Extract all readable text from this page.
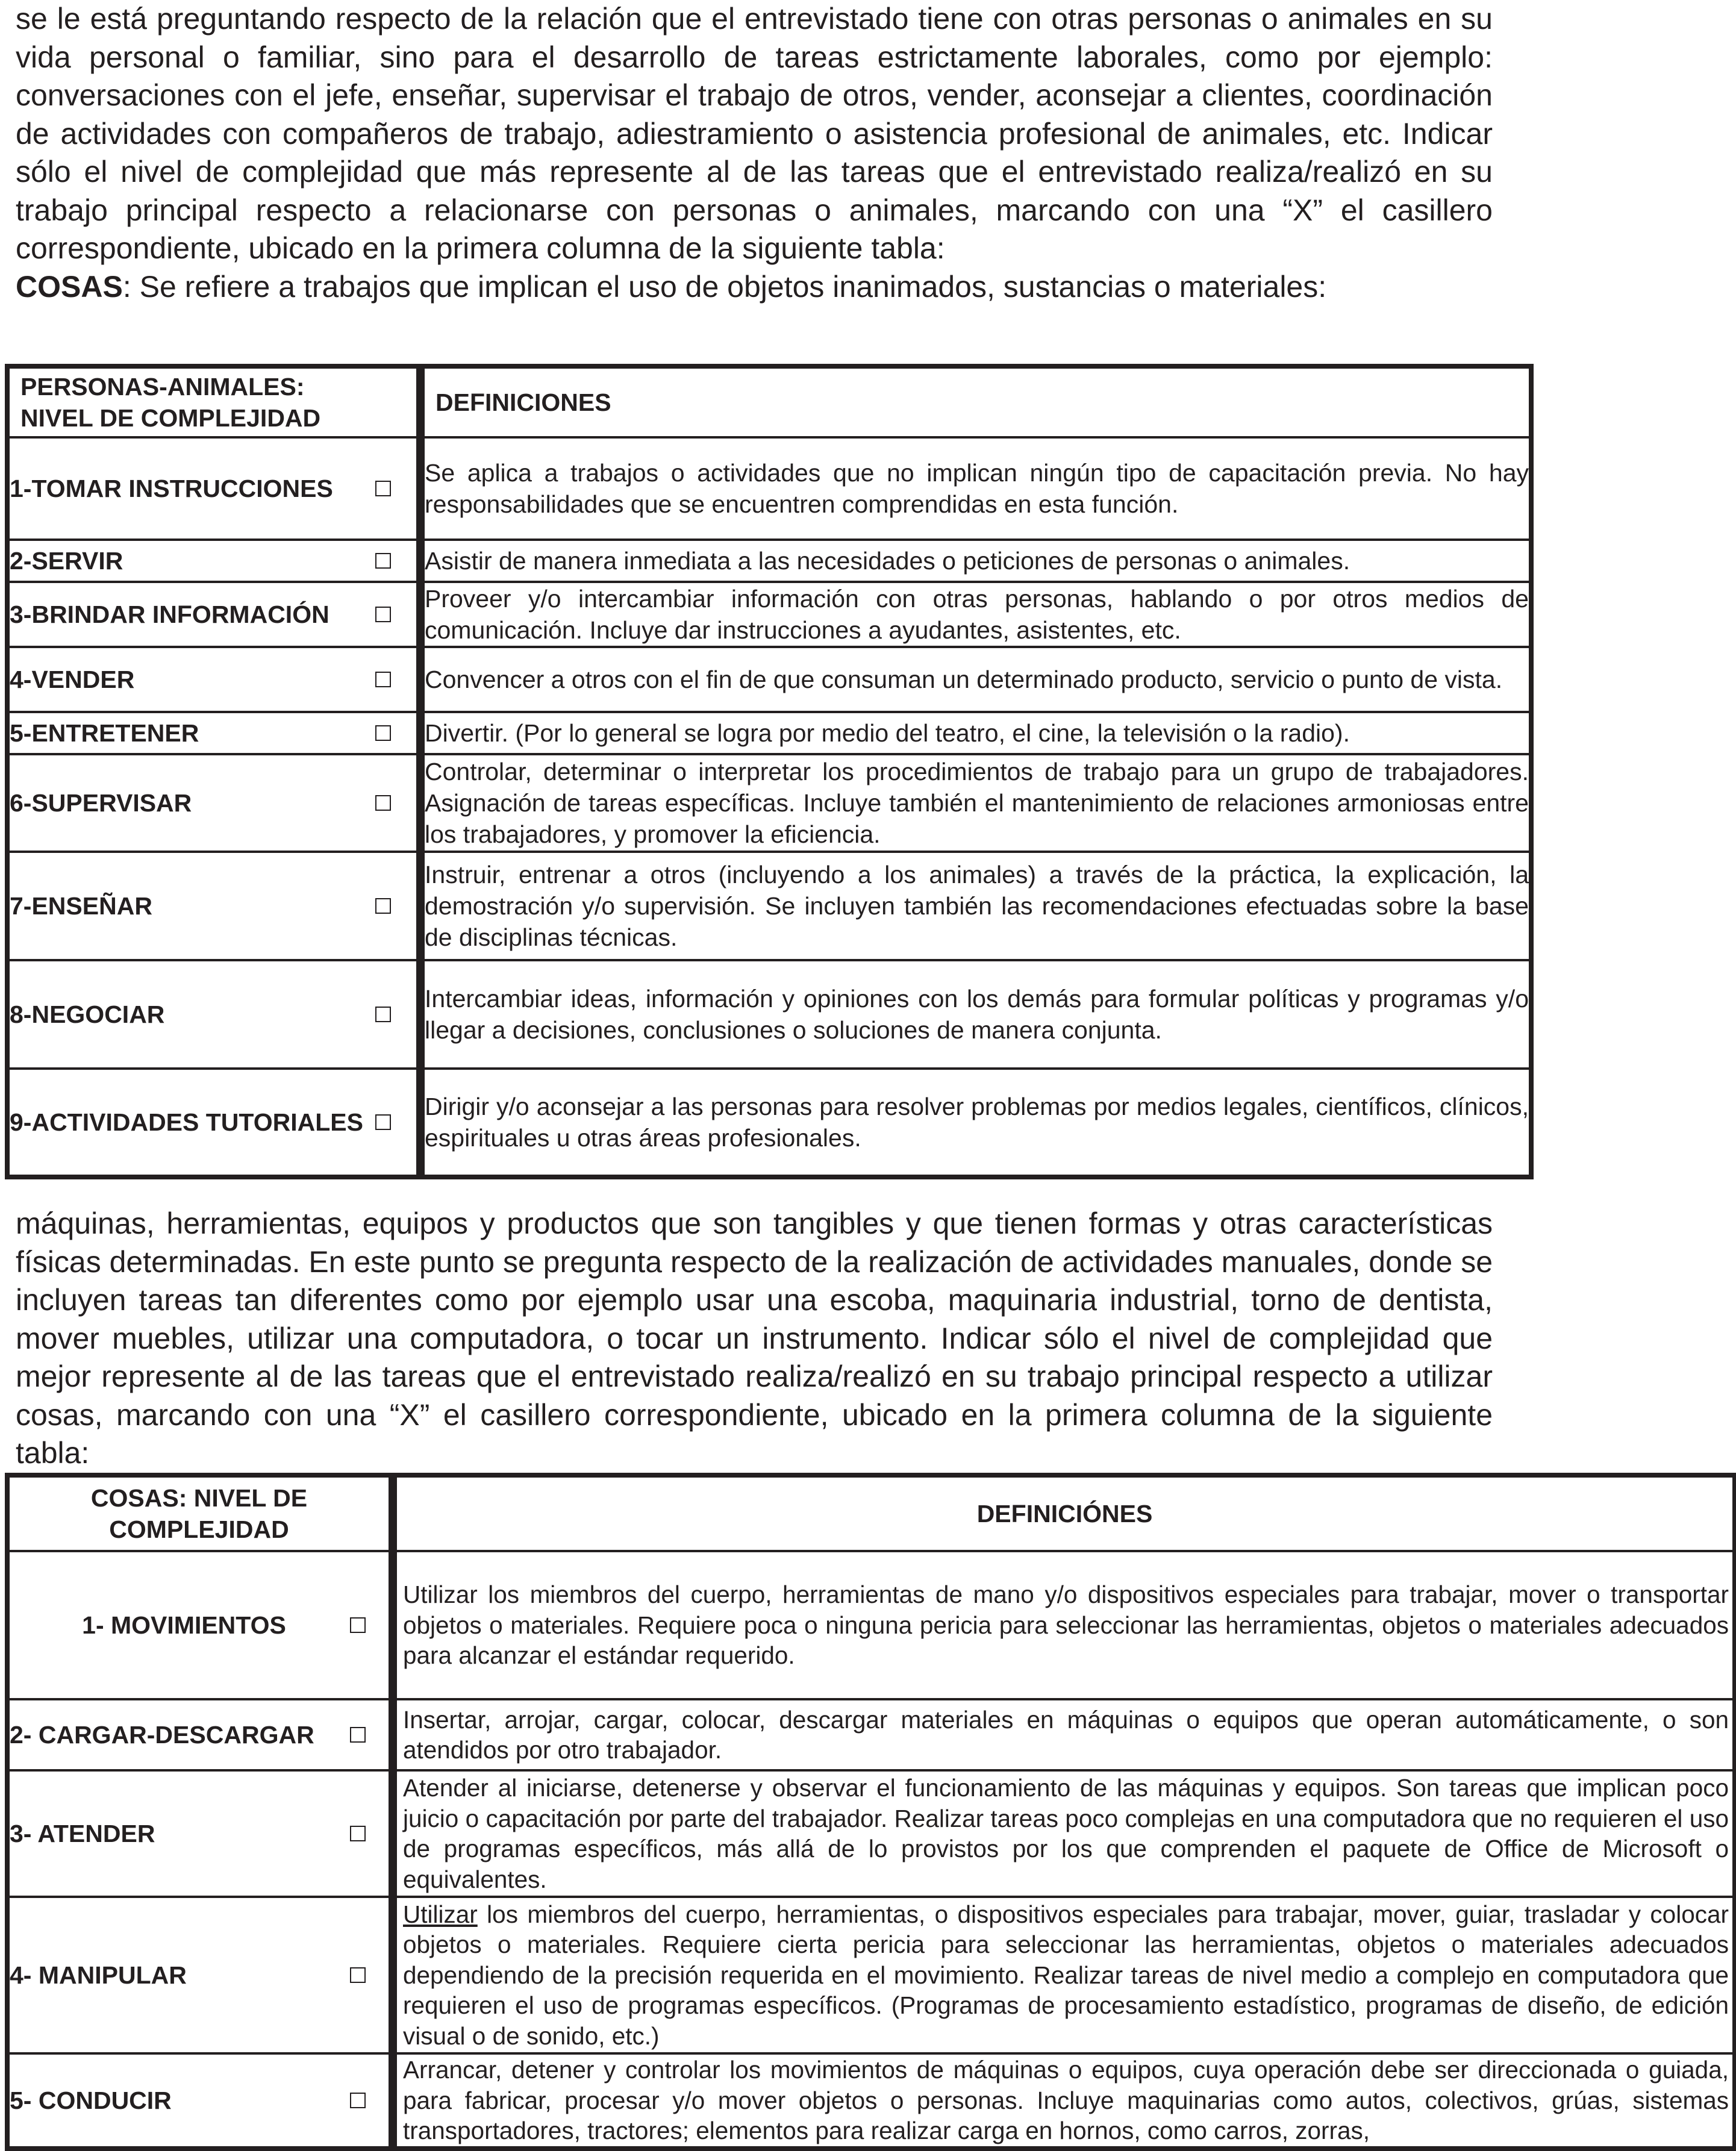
se le está preguntando respecto de la relación que el entrevistado tiene con otras personas o animales en su vida personal o familiar, sino para el desarrollo de tareas estrictamente laborales, como por ejemplo: conversaciones con el jefe, enseñar, supervisar el trabajo de otros, vender, aconsejar a clientes, coordinación de actividades con compañeros de trabajo, adiestramiento o asistencia profesional de animales, etc. Indicar sólo el nivel de complejidad que más represente al de las tareas que el entrevistado realiza/realizó en su trabajo principal respecto a relacionarse con personas o animales, marcando con una “X” el casillero correspondiente, ubicado en la primera columna de la siguiente tabla:
COSAS: Se refiere a trabajos que implican el uso de objetos inanimados, sustancias o materiales:

PERSONAS-ANIMALES:
NIVEL DE COMPLEJIDAD	DEFINICIONES
1-TOMAR INSTRUCCIONES	Se aplica a trabajos o actividades que no implican ningún tipo de capacitación previa. No hay responsabilidades que se encuentren comprendidas en esta función.
2-SERVIR	Asistir de manera inmediata a las necesidades o peticiones de personas o animales.
3-BRINDAR INFORMACIÓN	Proveer y/o intercambiar información con otras personas, hablando o por otros medios de comunicación. Incluye dar instrucciones a ayudantes, asistentes, etc.
4-VENDER	Convencer a otros con el fin de que consuman un determinado producto, servicio o punto de vista.
5-ENTRETENER	Divertir. (Por lo general se logra por medio del teatro, el cine, la televisión o la radio).
6-SUPERVISAR	Controlar, determinar o interpretar los procedimientos de trabajo para un grupo de trabajadores. Asignación de tareas específicas. Incluye también el mantenimiento de relaciones armoniosas entre los trabajadores, y promover la eficiencia.
7-ENSEÑAR	Instruir, entrenar a otros (incluyendo a los animales) a través de la práctica, la explicación, la demostración y/o supervisión. Se incluyen también las recomendaciones efectuadas sobre la base de disciplinas técnicas.
8-NEGOCIAR	Intercambiar ideas, información y opiniones con los demás para formular políticas y programas y/o llegar a decisiones, conclusiones o soluciones de manera conjunta.
9-ACTIVIDADES TUTORIALES	Dirigir y/o aconsejar a las personas para resolver problemas por medios legales, científicos, clínicos, espirituales u otras áreas profesionales.

máquinas, herramientas, equipos y productos que son tangibles y que tienen formas y otras características físicas determinadas. En este punto se pregunta respecto de la realización de actividades manuales, donde se incluyen tareas tan diferentes como por ejemplo usar una escoba, maquinaria industrial, torno de dentista, mover muebles, utilizar una computadora, o tocar un instrumento. Indicar sólo el nivel de complejidad que mejor represente al de las tareas que el entrevistado realiza/realizó en su trabajo principal respecto a utilizar cosas, marcando con una “X” el casillero correspondiente, ubicado en la primera columna de la siguiente tabla:

COSAS: NIVEL DE
COMPLEJIDAD	DEFINICIÓNES
1- MOVIMIENTOS	Utilizar los miembros del cuerpo, herramientas de mano y/o dispositivos especiales para trabajar, mover o transportar objetos o materiales. Requiere poca o ninguna pericia para seleccionar las herramientas, objetos o materiales adecuados para alcanzar el estándar requerido.
2- CARGAR-DESCARGAR	Insertar, arrojar, cargar, colocar, descargar materiales en máquinas o equipos que operan automáticamente, o son atendidos por otro trabajador.
3- ATENDER	Atender al iniciarse, detenerse y observar el funcionamiento de las máquinas y equipos. Son tareas que implican poco juicio o capacitación por parte del trabajador. Realizar tareas poco complejas en una computadora que no requieren el uso de programas específicos, más allá de lo provistos por los que comprenden el paquete de Office de Microsoft o equivalentes.
4- MANIPULAR	Utilizar los miembros del cuerpo, herramientas, o dispositivos especiales para trabajar, mover, guiar, trasladar y colocar objetos o materiales. Requiere cierta pericia para seleccionar las herramientas, objetos o materiales adecuados dependiendo de la precisión requerida en el movimiento. Realizar tareas de nivel medio a complejo en computadora que requieren el uso de programas específicos. (Programas de procesamiento estadístico, programas de diseño, de edición visual o de sonido, etc.)
5- CONDUCIR	Arrancar, detener y controlar los movimientos de máquinas o equipos, cuya operación debe ser direccionada o guiada, para fabricar, procesar y/o mover objetos o personas. Incluye maquinarias como autos, colectivos, grúas, sistemas transportadores, tractores; elementos para realizar carga en hornos, como carros, zorras,
